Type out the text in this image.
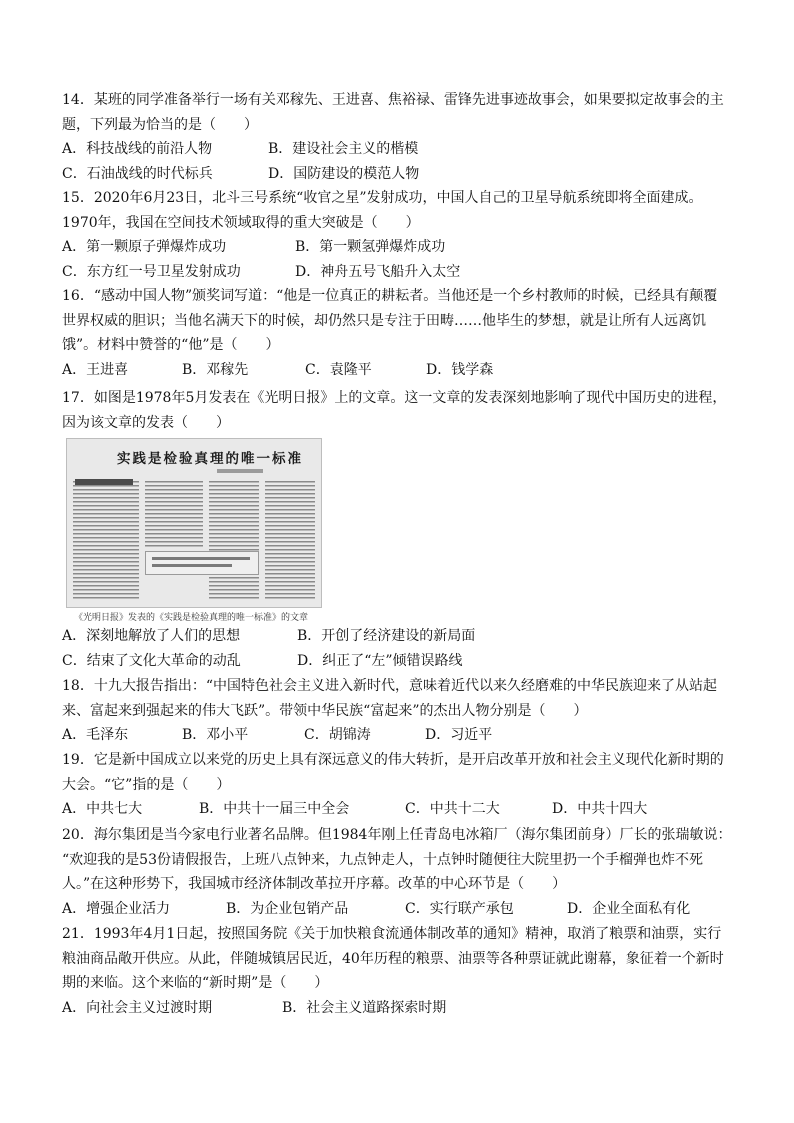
14．某班的同学准备举行一场有关邓稼先、王进喜、焦裕禄、雷锋先进事迹故事会，如果要拟定故事会的主
题，下列最为恰当的是（　　）
A．科技战线的前沿人物	B．建设社会主义的楷模
C．石油战线的时代标兵	D．国防建设的模范人物
15．2020年6月23日，北斗三号系统“收官之星”发射成功，中国人自己的卫星导航系统即将全面建成。
1970年，我国在空间技术领域取得的重大突破是（　　）
A．第一颗原子弹爆炸成功	B．第一颗氢弹爆炸成功
C．东方红一号卫星发射成功	D．神舟五号飞船升入太空
16．“感动中国人物”颁奖词写道：“他是一位真正的耕耘者。当他还是一个乡村教师的时候，已经具有颠覆
世界权威的胆识；当他名满天下的时候，却仍然只是专注于田畴……他毕生的梦想，就是让所有人远离饥
饿”。材料中赞誉的“他”是（　　）
A．王进喜	B．邓稼先	C．袁隆平	D．钱学森
17．如图是1978年5月发表在《光明日报》上的文章。这一文章的发表深刻地影响了现代中国历史的进程，
因为该文章的发表（　　）
实践是检验真理的唯一标准
《光明日报》发表的《实践是检验真理的唯一标准》的文章
A．深刻地解放了人们的思想	B．开创了经济建设的新局面
C．结束了文化大革命的动乱	D．纠正了“左”倾错误路线
18．十九大报告指出：“中国特色社会主义进入新时代，意味着近代以来久经磨难的中华民族迎来了从站起
来、富起来到强起来的伟大飞跃”。带领中华民族“富起来”的杰出人物分别是（　　）
A．毛泽东	B．邓小平	C．胡锦涛	D．习近平
19．它是新中国成立以来党的历史上具有深远意义的伟大转折，是开启改革开放和社会主义现代化新时期的
大会。“它”指的是（　　）
A．中共七大	B．中共十一届三中全会	C．中共十二大	D．中共十四大
20．海尔集团是当今家电行业著名品牌。但1984年刚上任青岛电冰箱厂（海尔集团前身）厂长的张瑞敏说：
“欢迎我的是53份请假报告，上班八点钟来，九点钟走人，十点钟时随便往大院里扔一个手榴弹也炸不死
人。”在这种形势下，我国城市经济体制改革拉开序幕。改革的中心环节是（　　）
A．增强企业活力	B．为企业包销产品	C．实行联产承包	D．企业全面私有化
21．1993年4月1日起，按照国务院《关于加快粮食流通体制改革的通知》精神，取消了粮票和油票，实行
粮油商品敞开供应。从此，伴随城镇居民近，40年历程的粮票、油票等各种票证就此谢幕，象征着一个新时
期的来临。这个来临的“新时期”是（　　）
A．向社会主义过渡时期	B．社会主义道路探索时期
